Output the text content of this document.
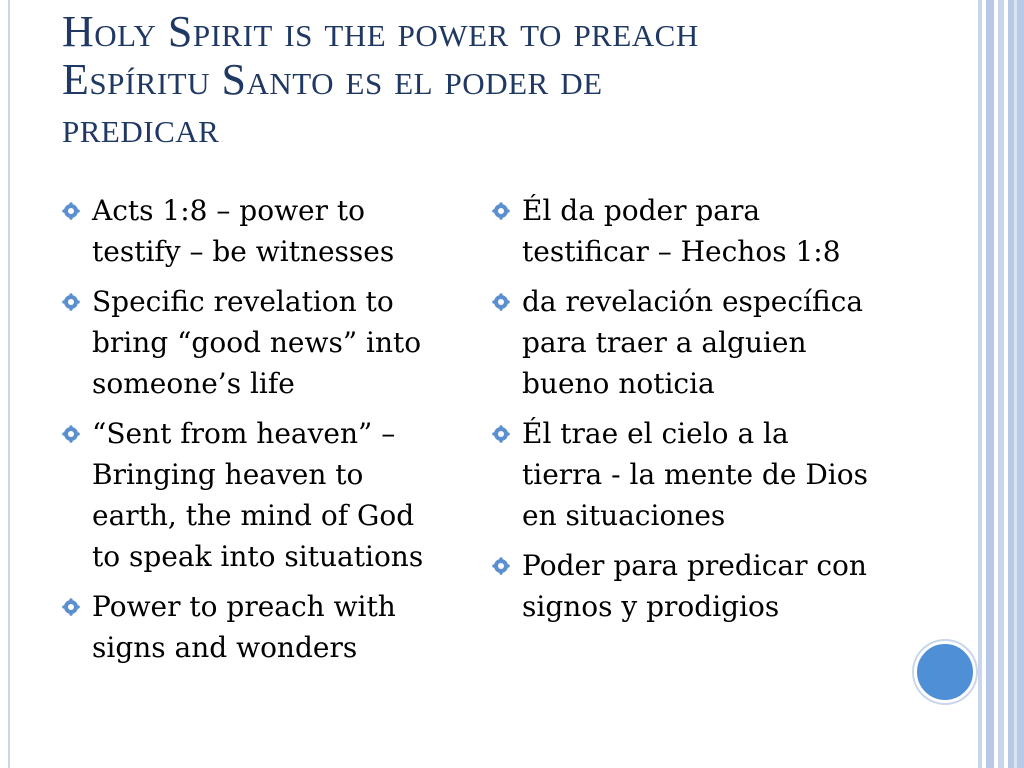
Holy Spirit is the power to preach
Espíritu Santo es el poder de
predicar
Acts 1:8 – power to testify – be witnesses
Specific revelation to bring “good news” into someone’s life
“Sent from heaven” – Bringing heaven to earth, the mind of God to speak into situations
Power to preach with signs and wonders
Él da poder para testificar – Hechos 1:8
da revelación específica para traer a alguien bueno noticia
Él trae el cielo a la tierra - la mente de Dios en situaciones
Poder para predicar con signos y prodigios
